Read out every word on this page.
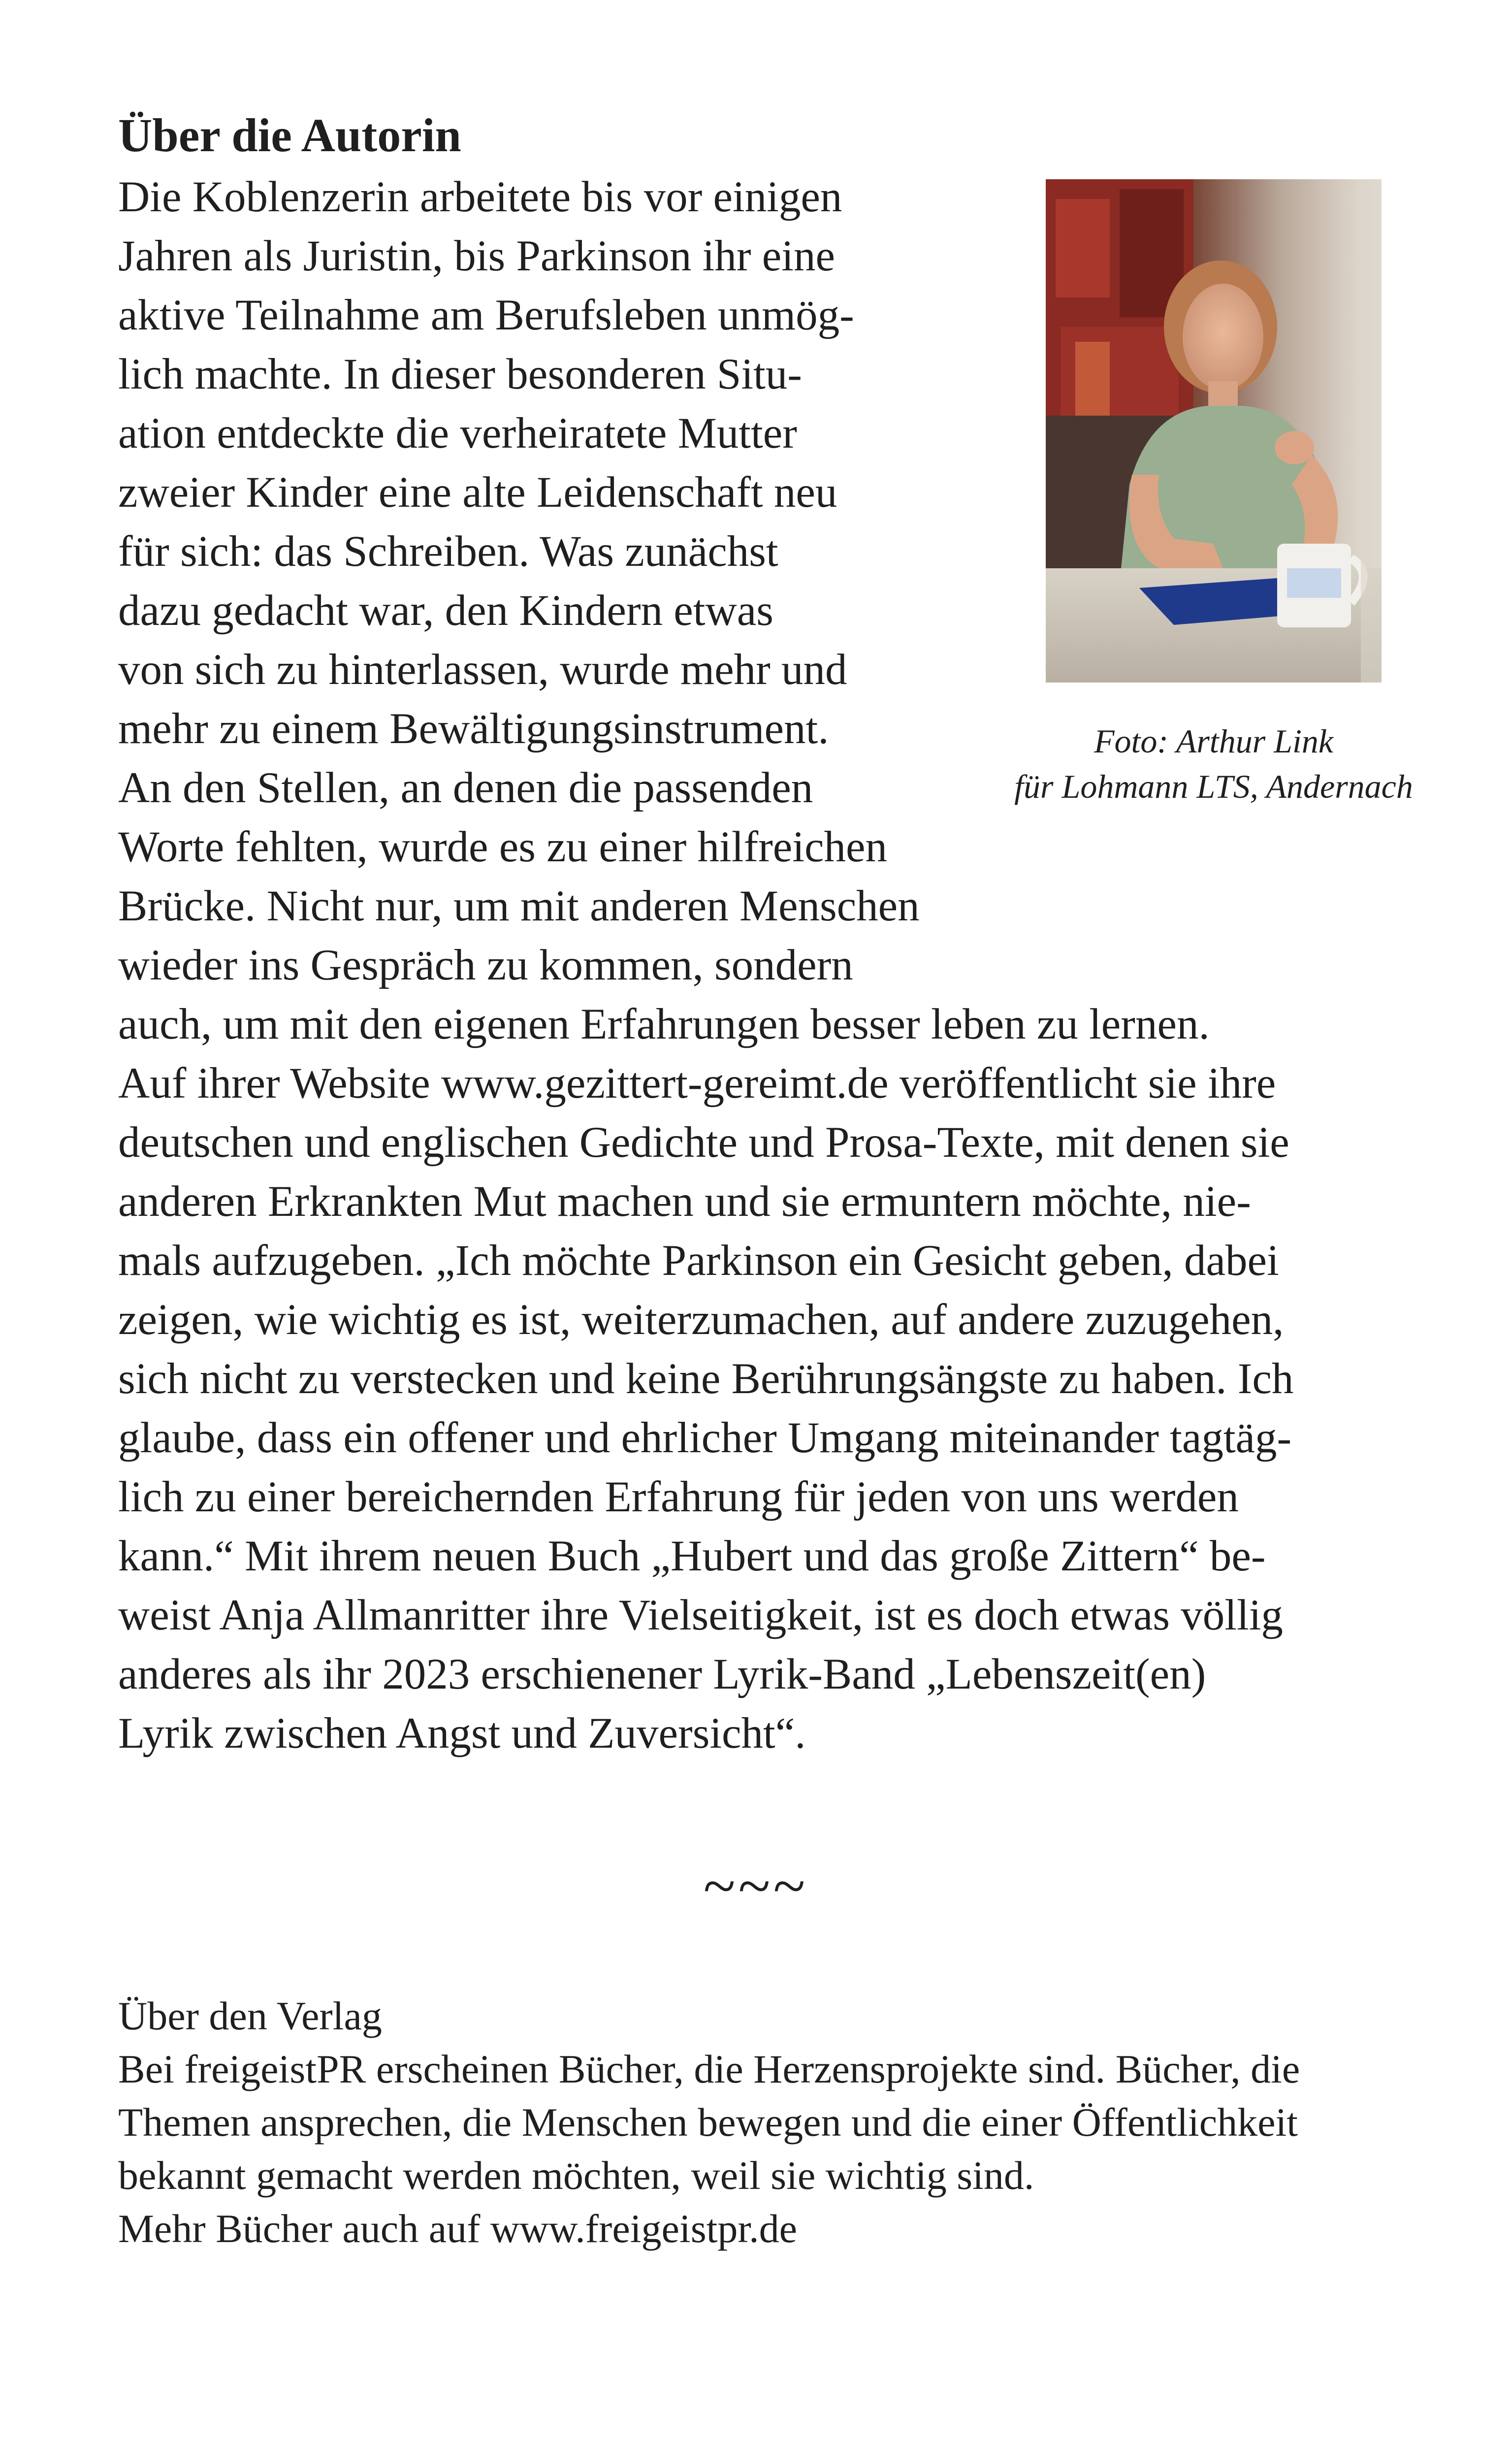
Über die Autorin

Die Koblenzerin arbeitete bis vor einigen

Jahren als Juristin, bis Parkinson ihr eine

aktive Teilnahme am Berufsleben unmög-

lich machte. In dieser besonderen Situ-

ation entdeckte die verheiratete Mutter

zweier Kinder eine alte Leidenschaft neu

für sich: das Schreiben. Was zunächst

dazu gedacht war, den Kindern etwas

von sich zu hinterlassen, wurde mehr und

mehr zu einem Bewältigungsinstrument.

An den Stellen, an denen die passenden

Worte fehlten, wurde es zu einer hilfreichen

Brücke. Nicht nur, um mit anderen Menschen

wieder ins Gespräch zu kommen, sondern

auch, um mit den eigenen Erfahrungen besser leben zu lernen.

Auf ihrer Website www.gezittert-gereimt.de veröffentlicht sie ihre

deutschen und englischen Gedichte und Prosa-Texte, mit denen sie

anderen Erkrankten Mut machen und sie ermuntern möchte, nie-

mals aufzugeben. „Ich möchte Parkinson ein Gesicht geben, dabei

zeigen, wie wichtig es ist, weiterzumachen, auf andere zuzugehen,

sich nicht zu verstecken und keine Berührungsängste zu haben. Ich

glaube, dass ein offener und ehrlicher Umgang miteinander tagtäg-

lich zu einer bereichernden Erfahrung für jeden von uns werden

kann.“ Mit ihrem neuen Buch „Hubert und das große Zittern“ be-

weist Anja Allmanritter ihre Vielseitigkeit, ist es doch etwas völlig

anderes als ihr 2023 erschienener Lyrik-Band „Lebenszeit(en)

Lyrik zwischen Angst und Zuversicht“.

Foto: Arthur Link

für Lohmann LTS, Andernach

~~~

Über den Verlag

Bei freigeistPR erscheinen Bücher, die Herzensprojekte sind. Bücher, die

Themen ansprechen, die Menschen bewegen und die einer Öffentlichkeit

bekannt gemacht werden möchten, weil sie wichtig sind.

Mehr Bücher auch auf www.freigeistpr.de
